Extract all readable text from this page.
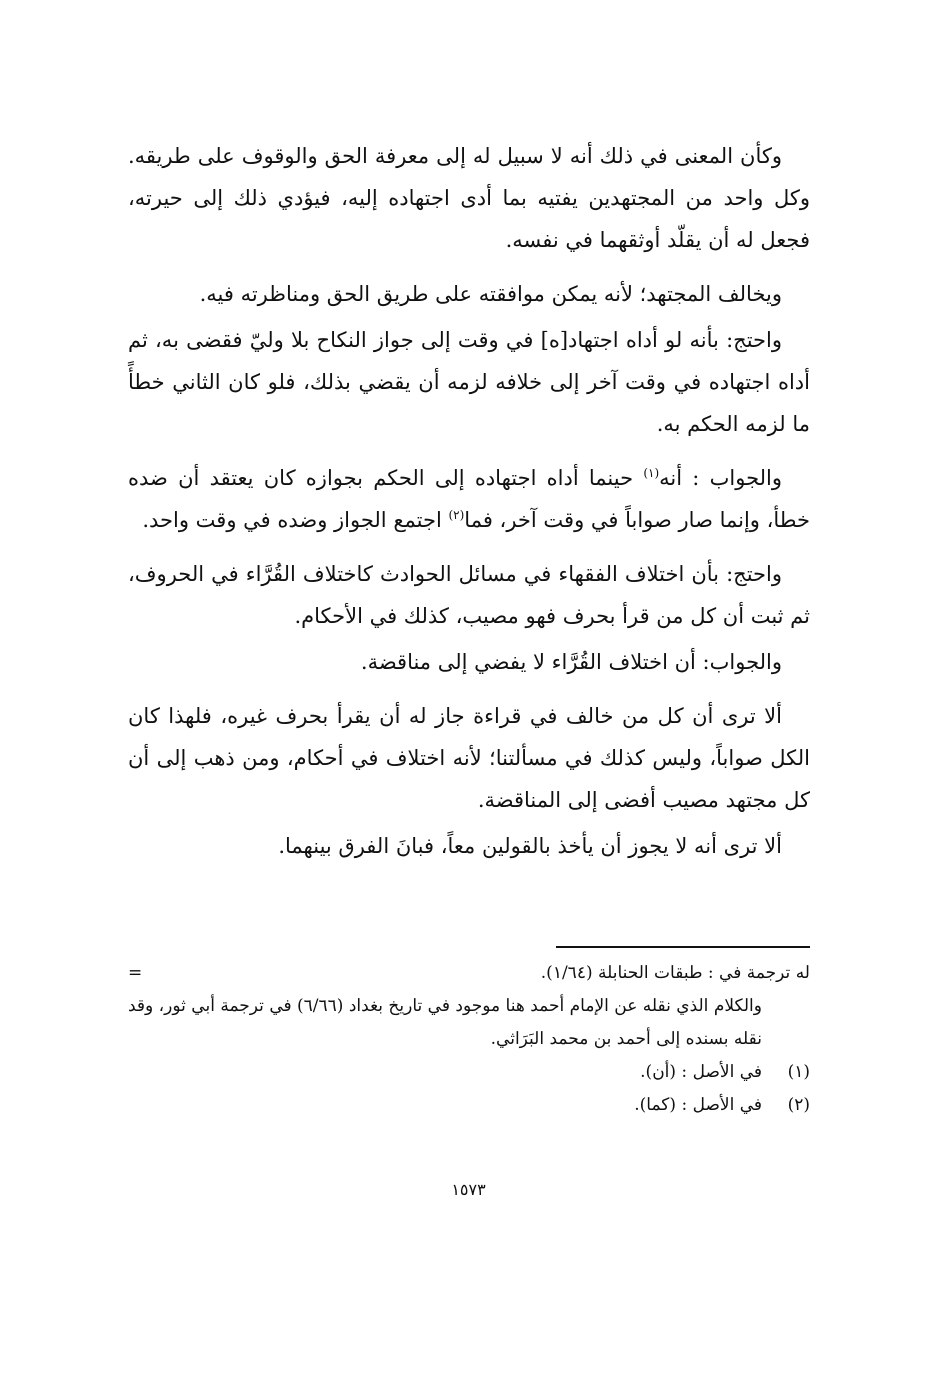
وكأن المعنى في ذلك أنه لا سبيل له إلى معرفة الحق والوقوف على طريقه. وكل واحد من المجتهدين يفتيه بما أدى اجتهاده إليه، فيؤدي ذلك إلى حيرته، فجعل له أن يقلّد أوثقهما في نفسه.

ويخالف المجتهد؛ لأنه يمكن موافقته على طريق الحق ومناظرته فيه.

واحتج: بأنه لو أداه اجتهاد[ه] في وقت إلى جواز النكاح بلا وليّ فقضى به، ثم أداه اجتهاده في وقت آخر إلى خلافه لزمه أن يقضي بذلك، فلو كان الثاني خطأً ما لزمه الحكم به.

والجواب : أنه$^{(١)}$ حينما أداه اجتهاده إلى الحكم بجوازه كان يعتقد أن ضده خطأ، وإنما صار صواباً في وقت آخر، فما$^{(٢)}$ اجتمع الجواز وضده في وقت واحد.

واحتج: بأن اختلاف الفقهاء في مسائل الحوادث كاختلاف القُرَّاء في الحروف، ثم ثبت أن كل من قرأ بحرف فهو مصيب، كذلك في الأحكام.

والجواب: أن اختلاف القُرَّاء لا يفضي إلى مناقضة.

ألا ترى أن كل من خالف في قراءة جاز له أن يقرأ بحرف غيره، فلهذا كان الكل صواباً، وليس كذلك في مسألتنا؛ لأنه اختلاف في أحكام، ومن ذهب إلى أن كل مجتهد مصيب أفضى إلى المناقضة.

ألا ترى أنه لا يجوز أن يأخذ بالقولين معاً، فبانَ الفرق بينهما.

له ترجمة في : طبقات الحنابلة (١/٦٤).
=
والكلام الذي نقله عن الإمام أحمد هنا موجود في تاريخ بغداد (٦/٦٦) في ترجمة أبي ثور، وقد نقله بسنده إلى أحمد بن محمد البَرَاثي.
(١)
في الأصل : (أن).
(٢)
في الأصل : (كما).
١٥٧٣
